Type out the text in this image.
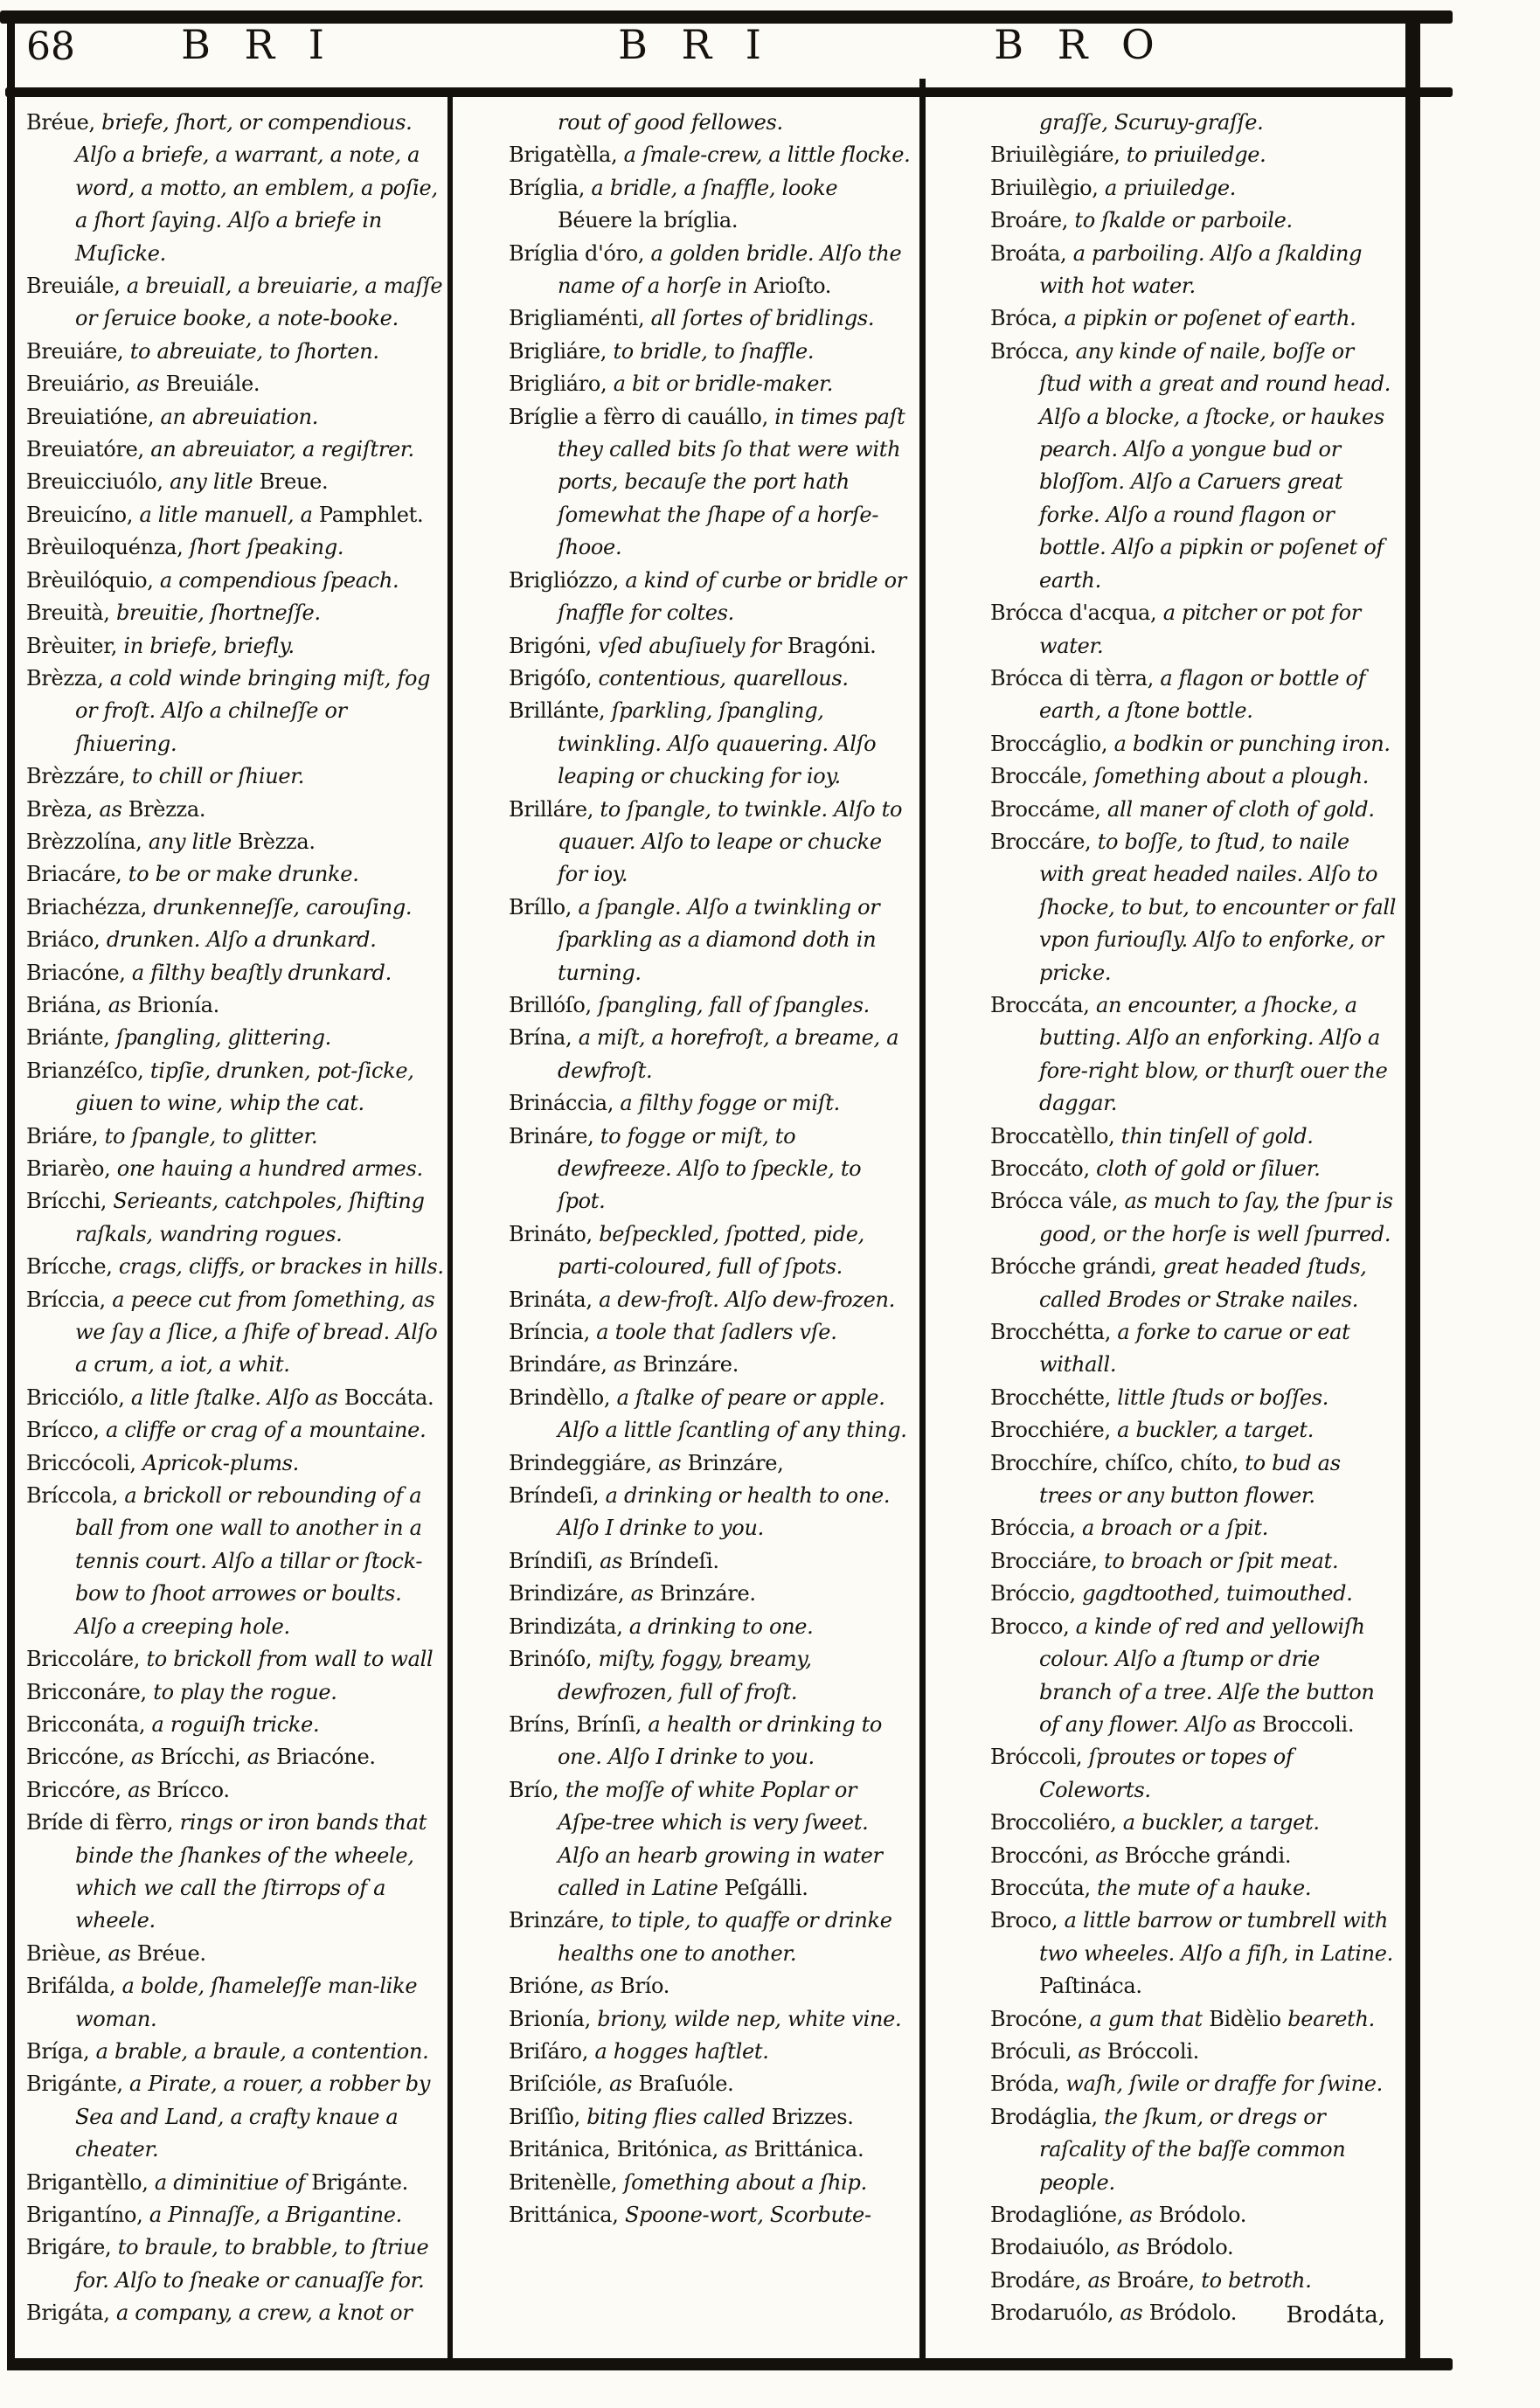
68	B R I	B R I	B R O

Bréue, briefe, ſhort, or compendious. Alſo a briefe, a warrant, a note, a word, a motto, an emblem, a poſie, a ſhort ſaying. Alſo a briefe in Muſicke.

Breuiále, a breuiall, a breuiarie, a maſſe or ſeruice booke, a note-booke.

Breuiáre, to abreuiate, to ſhorten.

Breuiário, as Breuiále.

Breuiatióne, an abreuiation.

Breuiatóre, an abreuiator, a regiſtrer.

Breuicciuólo, any litle Breue.

Breuicíno, a litle manuell, a Pamphlet.

Brèuiloquénza, ſhort ſpeaking.

Brèuilóquio, a compendious ſpeach.

Breuità, breuitie, ſhortneſſe.

Brèuiter, in briefe, briefly.

Brèzza, a cold winde bringing miſt, fog or froſt. Alſo a chilneſſe or ſhiuering.

Brèzzáre, to chill or ſhiuer.

Brèza, as Brèzza.

Brèzzolína, any litle Brèzza.

Briacáre, to be or make drunke.

Briachézza, drunkenneſſe, carouſing.

Briáco, drunken. Alſo a drunkard.

Briacóne, a filthy beaſtly drunkard.

Briána, as Brionía.

Briánte, ſpangling, glittering.

Brianzéſco, tipſie, drunken, pot-ſicke, giuen to wine, whip the cat.

Briáre, to ſpangle, to glitter.

Briarèo, one hauing a hundred armes.

Brícchi, Serieants, catchpoles, ſhifting raſkals, wandring rogues.

Brícche, crags, cliffs, or brackes in hills.

Bríccia, a peece cut from ſomething, as we ſay a ſlice, a ſhife of bread. Alſo a crum, a iot, a whit.

Bricciólo, a litle ſtalke. Alſo as Boccáta.

Brícco, a cliffe or crag of a mountaine.

Briccócoli, Apricok-plums.

Bríccola, a brickoll or rebounding of a ball from one wall to another in a tennis court. Alſo a tillar or ſtock-bow to ſhoot arrowes or boults. Alſo a creeping hole.

Briccoláre, to brickoll from wall to wall

Bricconáre, to play the rogue.

Bricconáta, a roguiſh tricke.

Briccóne, as Brícchi, as Briacóne.

Briccóre, as Brícco.

Bríde di fèrro, rings or iron bands that binde the ſhankes of the wheele, which we call the ſtirrops of a wheele.

Brièue, as Bréue.

Brifálda, a bolde, ſhameleſſe man-like woman.

Bríga, a brable, a braule, a contention.

Brigánte, a Pirate, a rouer, a robber by Sea and Land, a crafty knaue a cheater.

Brigantèllo, a diminitiue of Brigánte.

Brigantíno, a Pinnaſſe, a Brigantine.

Brigáre, to braule, to brabble, to ſtriue for. Alſo to ſneake or canuaſſe for.

Brigáta, a company, a crew, a knot or

rout of good fellowes.

Brigatèlla, a ſmale-crew, a little flocke.

Bríglia, a bridle, a ſnaffle, looke Béuere la bríglia.

Bríglia d'óro, a golden bridle. Alſo the name of a horſe in Arioſto.

Brigliaménti, all ſortes of bridlings.

Brigliáre, to bridle, to ſnaffle.

Brigliáro, a bit or bridle-maker.

Bríglie a fèrro di cauállo, in times paſt they called bits ſo that were with ports, becauſe the port hath ſomewhat the ſhape of a horſe-ſhooe.

Brigliózzo, a kind of curbe or bridle or ſnaffle for coltes.

Brigóni, vſed abuſiuely for Bragóni.

Brigóſo, contentious, quarellous.

Brillánte, ſparkling, ſpangling, twinkling. Alſo quauering. Alſo leaping or chucking for ioy.

Brilláre, to ſpangle, to twinkle. Alſo to quauer. Alſo to leape or chucke for ioy.

Bríllo, a ſpangle. Alſo a twinkling or ſparkling as a diamond doth in turning.

Brillóſo, ſpangling, fall of ſpangles.

Brína, a miſt, a horefroſt, a breame, a dewfroſt.

Brináccia, a filthy fogge or miſt.

Brináre, to fogge or miſt, to dewfreeze. Alſo to ſpeckle, to ſpot.

Brináto, beſpeckled, ſpotted, pide, parti-coloured, full of ſpots.

Brináta, a dew-froſt. Alſo dew-frozen.

Bríncia, a toole that ſadlers vſe.

Brindáre, as Brinzáre.

Brindèllo, a ſtalke of peare or apple. Alſo a little ſcantling of any thing.

Brindeggiáre, as Brinzáre,

Bríndeſi, a drinking or health to one. Alſo I drinke to you.

Bríndiſi, as Bríndeſi.

Brindizáre, as Brinzáre.

Brindizáta, a drinking to one.

Brinóſo, miſty, foggy, breamy, dewfrozen, full of froſt.

Bríns, Brínſi, a health or drinking to one. Alſo I drinke to you.

Brío, the moſſe of white Poplar or Aſpe-tree which is very ſweet. Alſo an hearb growing in water called in Latine Peſgálli.

Brinzáre, to tiple, to quaffe or drinke healths one to another.

Brióne, as Brío.

Brionía, briony, wilde nep, white vine.

Briſáro, a hogges haſtlet.

Briſcióle, as Braſuóle.

Briſſìo, biting flies called Brizzes.

Británica, Britónica, as Brittánica.

Britenèlle, ſomething about a ſhip.

Brittánica, Spoone-wort, Scorbute-

graſſe, Scuruy-graſſe.

Briuilègiáre, to priuiledge.

Briuilègio, a priuiledge.

Broáre, to ſkalde or parboile.

Broáta, a parboiling. Alſo a ſkalding with hot water.

Bróca, a pipkin or poſenet of earth.

Brócca, any kinde of naile, boſſe or ſtud with a great and round head. Alſo a blocke, a ſtocke, or haukes pearch. Alſo a yongue bud or bloſſom. Alſo a Caruers great forke. Alſo a round flagon or bottle. Alſo a pipkin or poſenet of earth.

Brócca d'acqua, a pitcher or pot for water.

Brócca di tèrra, a flagon or bottle of earth, a ſtone bottle.

Broccáglio, a bodkin or punching iron.

Broccále, ſomething about a plough.

Broccáme, all maner of cloth of gold.

Broccáre, to boſſe, to ſtud, to naile with great headed nailes. Alſo to ſhocke, to but, to encounter or fall vpon furiouſly. Alſo to enforke, or pricke.

Broccáta, an encounter, a ſhocke, a butting. Alſo an enforking. Alſo a fore-right blow, or thurſt ouer the daggar.

Broccatèllo, thin tinſell of gold.

Broccáto, cloth of gold or ſiluer.

Brócca vále, as much to ſay, the ſpur is good, or the horſe is well ſpurred.

Brócche grándi, great headed ſtuds, called Brodes or Strake nailes.

Brocchétta, a forke to carue or eat withall.

Brocchétte, little ſtuds or boſſes.

Brocchiére, a buckler, a target.

Brocchíre, chíſco, chíto, to bud as trees or any button flower.

Bróccia, a broach or a ſpit.

Brocciáre, to broach or ſpit meat.

Bróccio, gagdtoothed, tuimouthed.

Brocco, a kinde of red and yellowiſh colour. Alſo a ſtump or drie branch of a tree. Alſe the button of any flower. Alſo as Broccoli.

Bróccoli, ſproutes or topes of Coleworts.

Broccoliéro, a buckler, a target.

Broccóni, as Brócche grándi.

Broccúta, the mute of a hauke.

Broco, a little barrow or tumbrell with two wheeles. Alſo a fiſh, in Latine. Paſtináca.

Brocóne, a gum that Bidèlio beareth.

Bróculi, as Bróccoli.

Bróda, waſh, ſwile or draffe for ſwine.

Brodáglia, the ſkum, or dregs or raſcality of the baſſe common people.

Brodaglióne, as Bródolo.

Brodaiuólo, as Bródolo.

Brodáre, as Broáre, to betroth.

Brodaruólo, as Bródolo.	Brodáta,
